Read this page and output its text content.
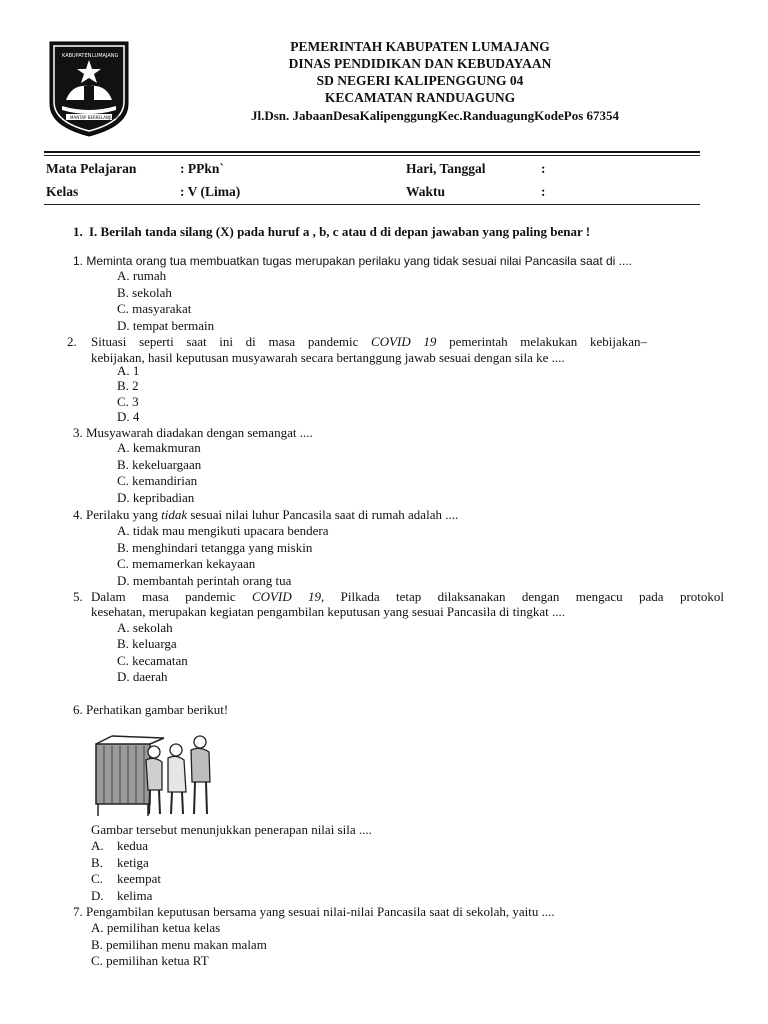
KABUPATEN LUMAJANG
MANTAP BERKELANJUTAN
PEMERINTAH KABUPATEN LUMAJANG
DINAS PENDIDIKAN DAN KEBUDAYAAN
SD NEGERI KALIPENGGUNG 04
KECAMATAN RANDUAGUNG
Jl.Dsn. JabaanDesaKalipenggungKec.RanduagungKodePos 67354
Mata Pelajaran	: PPkn`	Hari, Tanggal	:
Kelas	: V (Lima)	Waktu	:
1. I. Berilah tanda silang (X) pada huruf a , b, c atau d di depan jawaban yang paling benar !
1. Meminta orang tua membuatkan tugas merupakan perilaku yang tidak sesuai nilai Pancasila saat di ....
A. rumah
B. sekolah
C. masyarakat
D. tempat bermain
2. Situasi seperti saat ini di masa pandemic COVID 19 pemerintah melakukan kebijakan–
kebijakan, hasil keputusan musyawarah secara bertanggung jawab sesuai dengan sila ke ....
A. 1
B. 2
C. 3
D. 4
3. Musyawarah diadakan dengan semangat ....
A. kemakmuran
B. kekeluargaan
C. kemandirian
D. kepribadian
4. Perilaku yang tidak sesuai nilai luhur Pancasila saat di rumah adalah ....
A. tidak mau mengikuti upacara bendera
B. menghindari tetangga yang miskin
C. memamerkan kekayaan
D. membantah perintah orang tua
5. Dalam masa pandemic COVID 19, Pilkada tetap dilaksanakan dengan mengacu pada protokol
kesehatan, merupakan kegiatan pengambilan keputusan yang sesuai Pancasila di tingkat ....
A. sekolah
B. keluarga
C. kecamatan
D. daerah
6. Perhatikan gambar berikut!
Gambar tersebut menunjukkan penerapan nilai sila ....
A. kedua
B. ketiga
C. keempat
D. kelima
7. Pengambilan keputusan bersama yang sesuai nilai-nilai Pancasila saat di sekolah, yaitu ....
A. pemilihan ketua kelas
B. pemilihan menu makan malam
C. pemilihan ketua RT
